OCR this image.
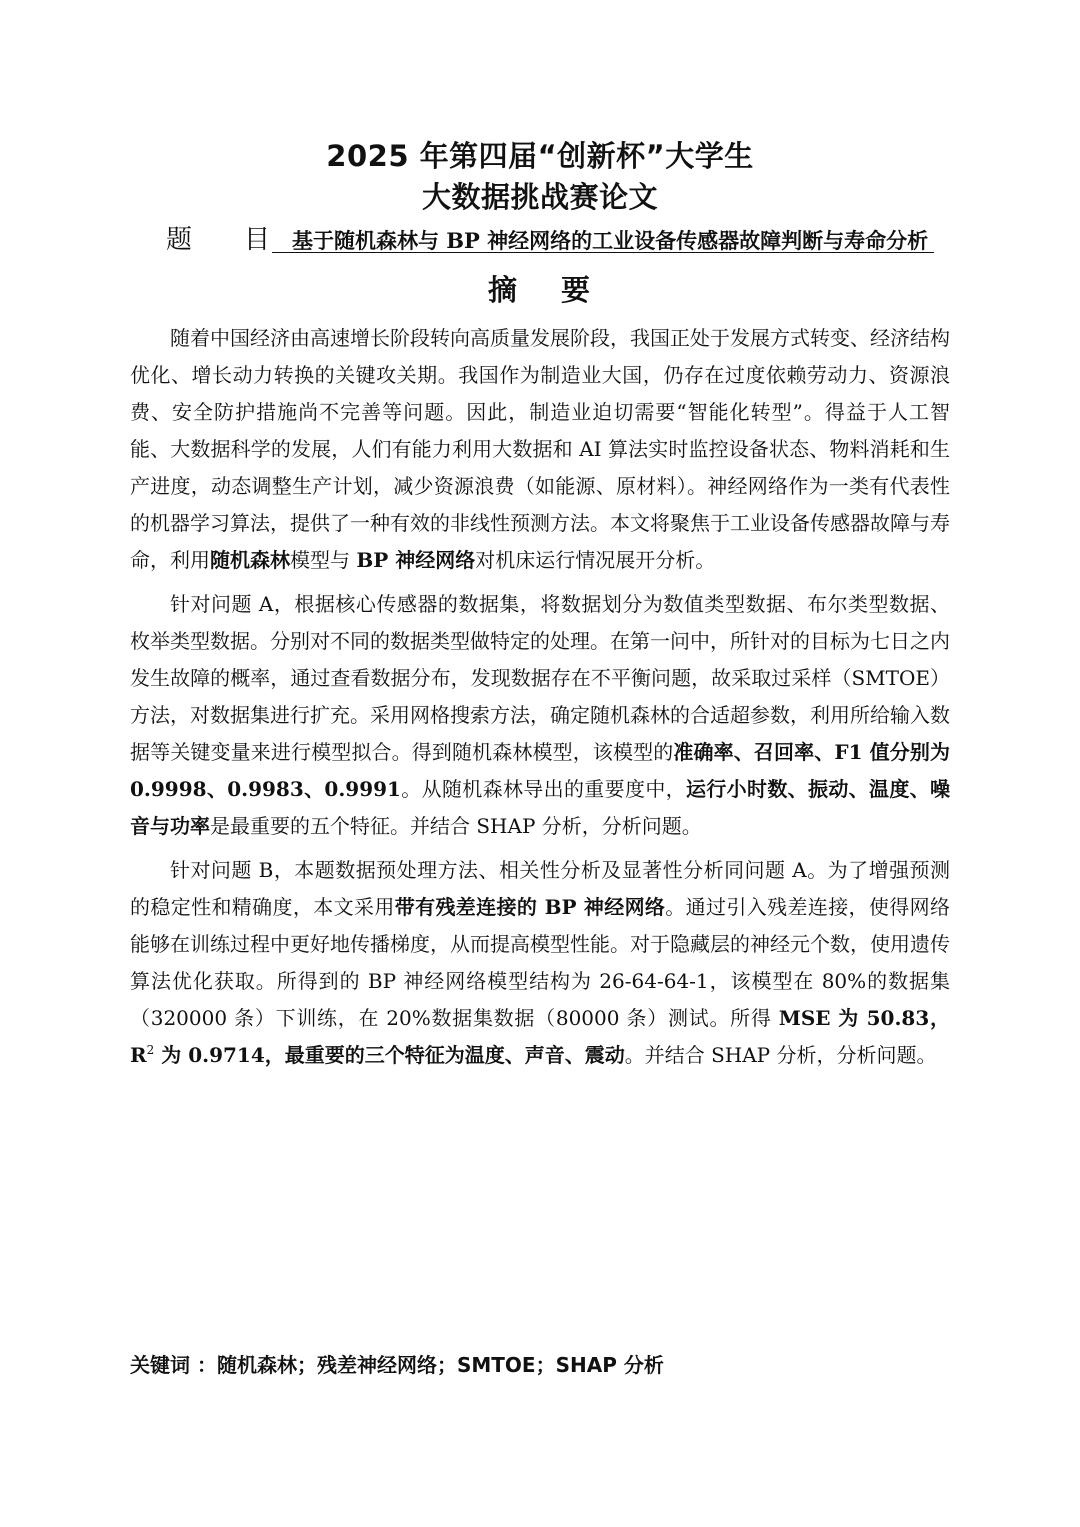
2025 年第四届“创新杯”大学生
大数据挑战赛论文
题 目 基于随机森林与 BP 神经网络的工业设备传感器故障判断与寿命分析
摘 要

随着中国经济由高速增长阶段转向高质量发展阶段，我国正处于发展方式转变、经济结构优化、增长动力转换的关键攻关期。我国作为制造业大国，仍存在过度依赖劳动力、资源浪费、安全防护措施尚不完善等问题。因此，制造业迫切需要“智能化转型”。得益于人工智能、大数据科学的发展，人们有能力利用大数据和 AI 算法实时监控设备状态、物料消耗和生产进度，动态调整生产计划，减少资源浪费（如能源、原材料）。神经网络作为一类有代表性的机器学习算法，提供了一种有效的非线性预测方法。本文将聚焦于工业设备传感器故障与寿命，利用随机森林模型与 BP 神经网络对机床运行情况展开分析。

针对问题 A，根据核心传感器的数据集，将数据划分为数值类型数据、布尔类型数据、枚举类型数据。分别对不同的数据类型做特定的处理。在第一问中，所针对的目标为七日之内发生故障的概率，通过查看数据分布，发现数据存在不平衡问题，故采取过采样（SMTOE）方法，对数据集进行扩充。采用网格搜索方法，确定随机森林的合适超参数，利用所给输入数据等关键变量来进行模型拟合。得到随机森林模型，该模型的准确率、召回率、F1 值分别为 0.9998、0.9983、0.9991。从随机森林导出的重要度中，运行小时数、振动、温度、噪音与功率是最重要的五个特征。并结合 SHAP 分析，分析问题。

针对问题 B，本题数据预处理方法、相关性分析及显著性分析同问题 A。为了增强预测的稳定性和精确度，本文采用带有残差连接的 BP 神经网络。通过引入残差连接，使得网络能够在训练过程中更好地传播梯度，从而提高模型性能。对于隐藏层的神经元个数，使用遗传算法优化获取。所得到的 BP 神经网络模型结构为 26-64-64-1，该模型在 80%的数据集（320000 条）下训练，在 20%数据集数据（80000 条）测试。所得 MSE 为 50.83，$R^2$ 为 0.9714，最重要的三个特征为温度、声音、震动。并结合 SHAP 分析，分析问题。

关键词 ：随机森林；残差神经网络；SMTOE；SHAP 分析
